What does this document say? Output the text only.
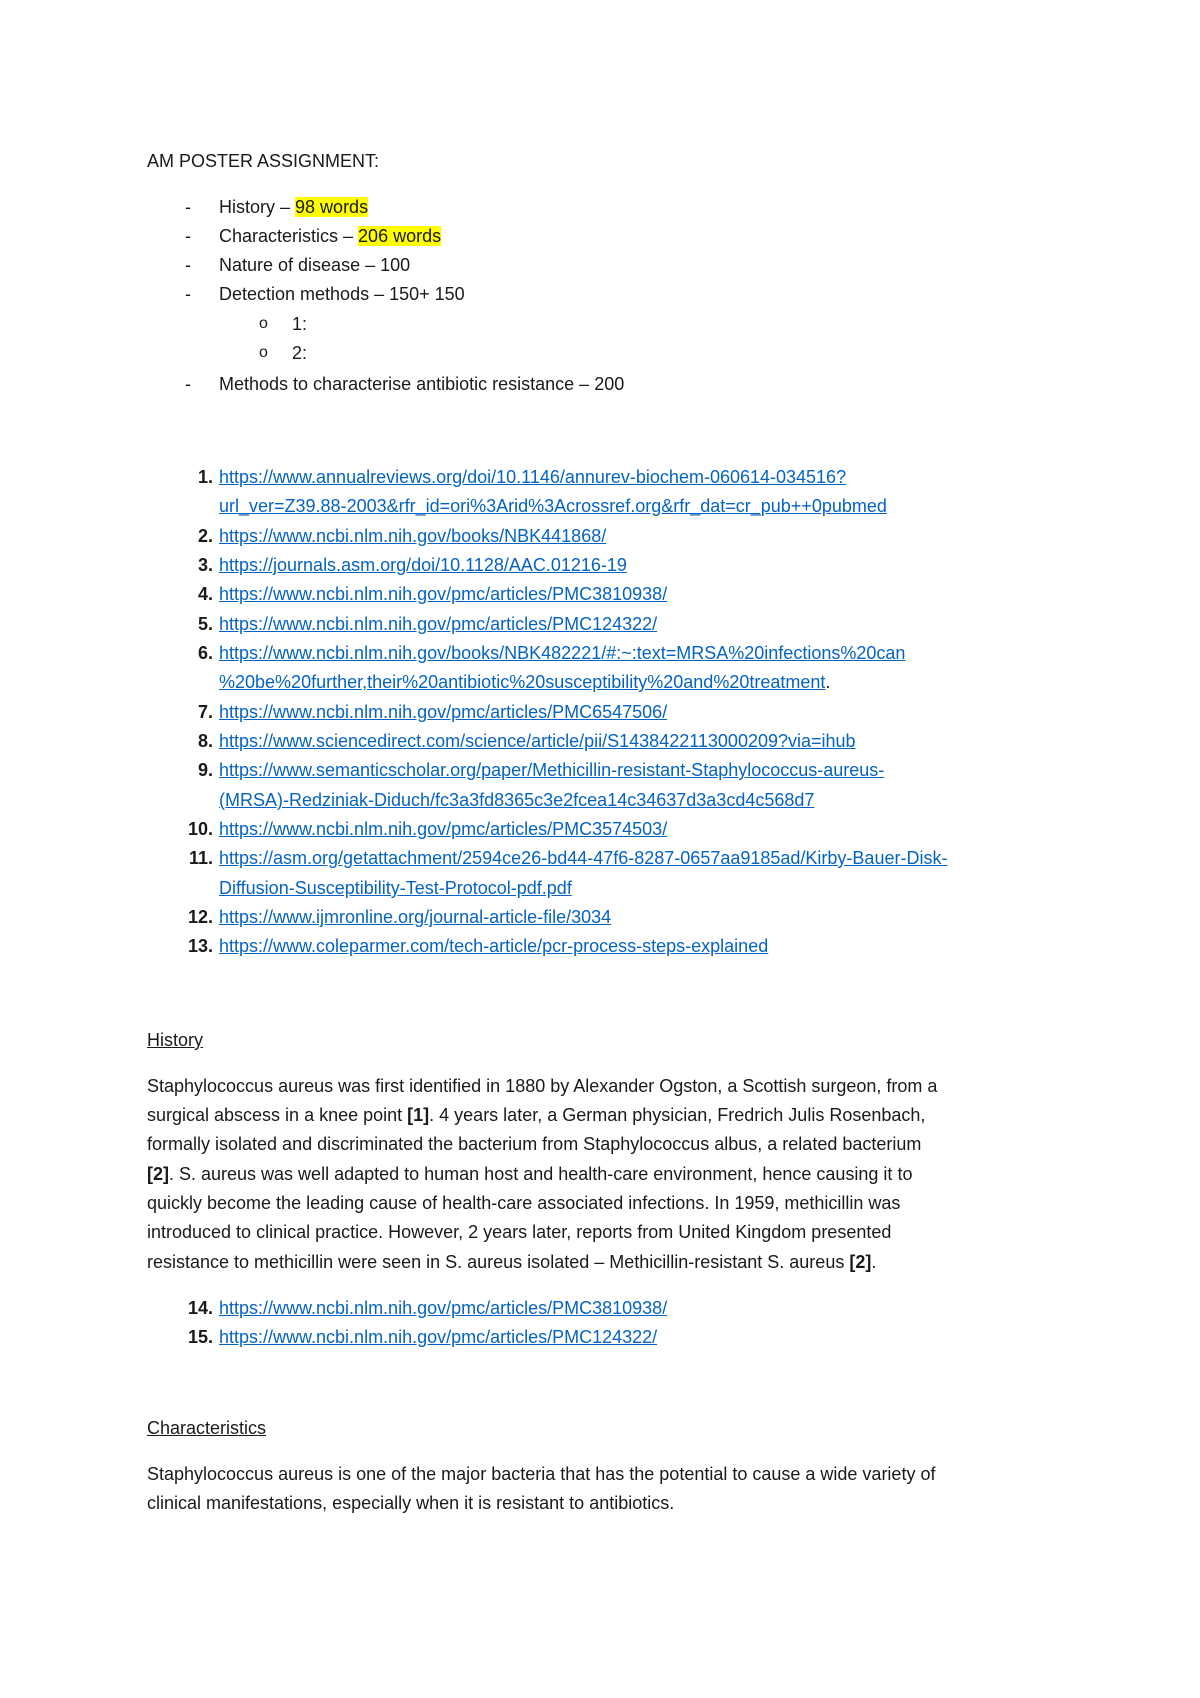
AM POSTER ASSIGNMENT:
- History – 98 words
- Characteristics – 206 words
- Nature of disease – 100
- Detection methods – 150+ 150
o 1:
o 2:
- Methods to characterise antibiotic resistance – 200
1. https://www.annualreviews.org/doi/10.1146/annurev-biochem-060614-034516?
url_ver=Z39.88-2003&rfr_id=ori%3Arid%3Acrossref.org&rfr_dat=cr_pub++0pubmed
2. https://www.ncbi.nlm.nih.gov/books/NBK441868/
3. https://journals.asm.org/doi/10.1128/AAC.01216-19
4. https://www.ncbi.nlm.nih.gov/pmc/articles/PMC3810938/
5. https://www.ncbi.nlm.nih.gov/pmc/articles/PMC124322/
6. https://www.ncbi.nlm.nih.gov/books/NBK482221/#:~:text=MRSA%20infections%20can
%20be%20further,their%20antibiotic%20susceptibility%20and%20treatment.
7. https://www.ncbi.nlm.nih.gov/pmc/articles/PMC6547506/
8. https://www.sciencedirect.com/science/article/pii/S1438422113000209?via=ihub
9. https://www.semanticscholar.org/paper/Methicillin-resistant-Staphylococcus-aureus-
(MRSA)-Redziniak-Diduch/fc3a3fd8365c3e2fcea14c34637d3a3cd4c568d7
10. https://www.ncbi.nlm.nih.gov/pmc/articles/PMC3574503/
11. https://asm.org/getattachment/2594ce26-bd44-47f6-8287-0657aa9185ad/Kirby-Bauer-Disk-
Diffusion-Susceptibility-Test-Protocol-pdf.pdf
12. https://www.ijmronline.org/journal-article-file/3034
13. https://www.coleparmer.com/tech-article/pcr-process-steps-explained
History
Staphylococcus aureus was first identified in 1880 by Alexander Ogston, a Scottish surgeon, from a
surgical abscess in a knee point [1]. 4 years later, a German physician, Fredrich Julis Rosenbach,
formally isolated and discriminated the bacterium from Staphylococcus albus, a related bacterium
[2]. S. aureus was well adapted to human host and health-care environment, hence causing it to
quickly become the leading cause of health-care associated infections. In 1959, methicillin was
introduced to clinical practice. However, 2 years later, reports from United Kingdom presented
resistance to methicillin were seen in S. aureus isolated – Methicillin-resistant S. aureus [2].
14. https://www.ncbi.nlm.nih.gov/pmc/articles/PMC3810938/
15. https://www.ncbi.nlm.nih.gov/pmc/articles/PMC124322/
Characteristics
Staphylococcus aureus is one of the major bacteria that has the potential to cause a wide variety of
clinical manifestations, especially when it is resistant to antibiotics.
